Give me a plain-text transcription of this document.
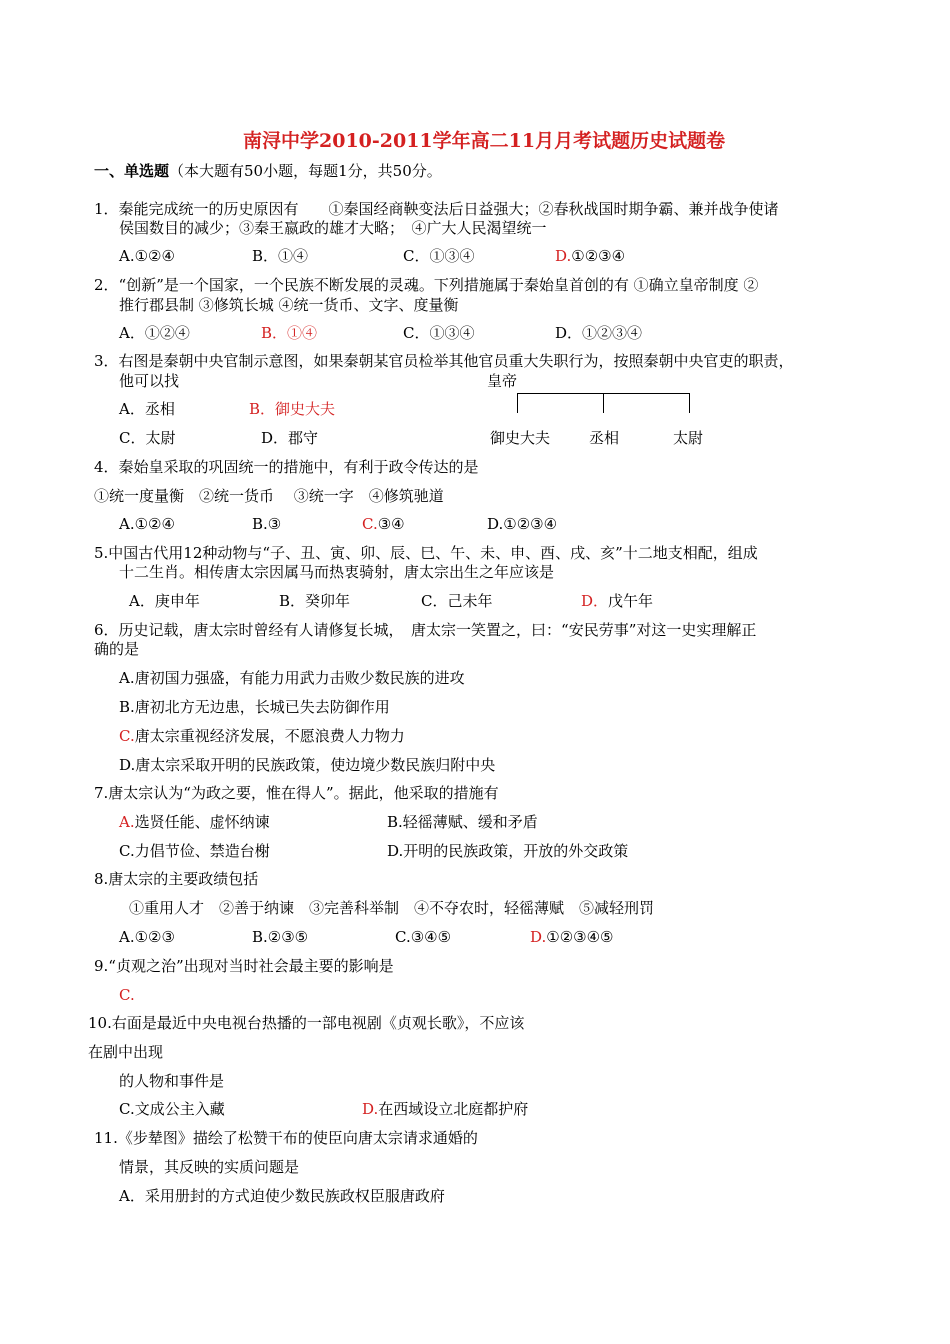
南浔中学2010-2011学年高二11月月考试题历史试题卷
一、单选题（本大题有50小题，每题1分，共50分。
1．秦能完成统一的历史原因有　　①秦国经商鞅变法后日益强大；②春秋战国时期争霸、兼并战争使诸
侯国数目的减少；③秦王嬴政的雄才大略；　④广大人民渴望统一
A.①②④	B．①④	C．①③④	D.①②③④
2．“创新”是一个国家，一个民族不断发展的灵魂。下列措施属于秦始皇首创的有 ①确立皇帝制度 ②
推行郡县制 ③修筑长城 ④统一货币、文字、度量衡
A．①②④	B．①④	C．①③④	D．①②③④
3．右图是秦朝中央官制示意图，如果秦朝某官员检举其他官员重大失职行为，按照秦朝中央官吏的职责，
他可以找
A．丞相	B．御史大夫
C．太尉	D．郡守
皇帝
御史大夫	丞相	太尉
4．秦始皇采取的巩固统一的措施中，有利于政令传达的是
①统一度量衡　②统一货币　 ③统一字　④修筑驰道
A.①②④	B.③	C.③④	D.①②③④
5.中国古代用12种动物与“子、丑、寅、卯、辰、巳、午、未、申、酉、戌、亥”十二地支相配，组成
十二生肖。相传唐太宗因属马而热衷骑射，唐太宗出生之年应该是
A．庚申年	B．癸卯年	C．己未年	D．戊午年
6．历史记载，唐太宗时曾经有人请修复长城，　唐太宗一笑置之，曰：“安民劳事”对这一史实理解正
确的是
A.唐初国力强盛，有能力用武力击败少数民族的进攻
B.唐初北方无边患，长城已失去防御作用
C.唐太宗重视经济发展，不愿浪费人力物力
D.唐太宗采取开明的民族政策，使边境少数民族归附中央
7.唐太宗认为“为政之要，惟在得人”。据此，他采取的措施有
A.选贤任能、虚怀纳谏	B.轻徭薄赋、缓和矛盾
C.力倡节俭、禁造台榭	D.开明的民族政策，开放的外交政策
8.唐太宗的主要政绩包括
①重用人才　②善于纳谏　③完善科举制　④不夺农时，轻徭薄赋　⑤减轻刑罚
A.①②③	B.②③⑤	C.③④⑤	D.①②③④⑤
9.“贞观之治”出现对当时社会最主要的影响是
C.
10.右面是最近中央电视台热播的一部电视剧《贞观长歌》，不应该
在剧中出现
的人物和事件是
C.文成公主入藏	D.在西域设立北庭都护府
11.《步辇图》描绘了松赞干布的使臣向唐太宗请求通婚的
情景，其反映的实质问题是
A．采用册封的方式迫使少数民族政权臣服唐政府
